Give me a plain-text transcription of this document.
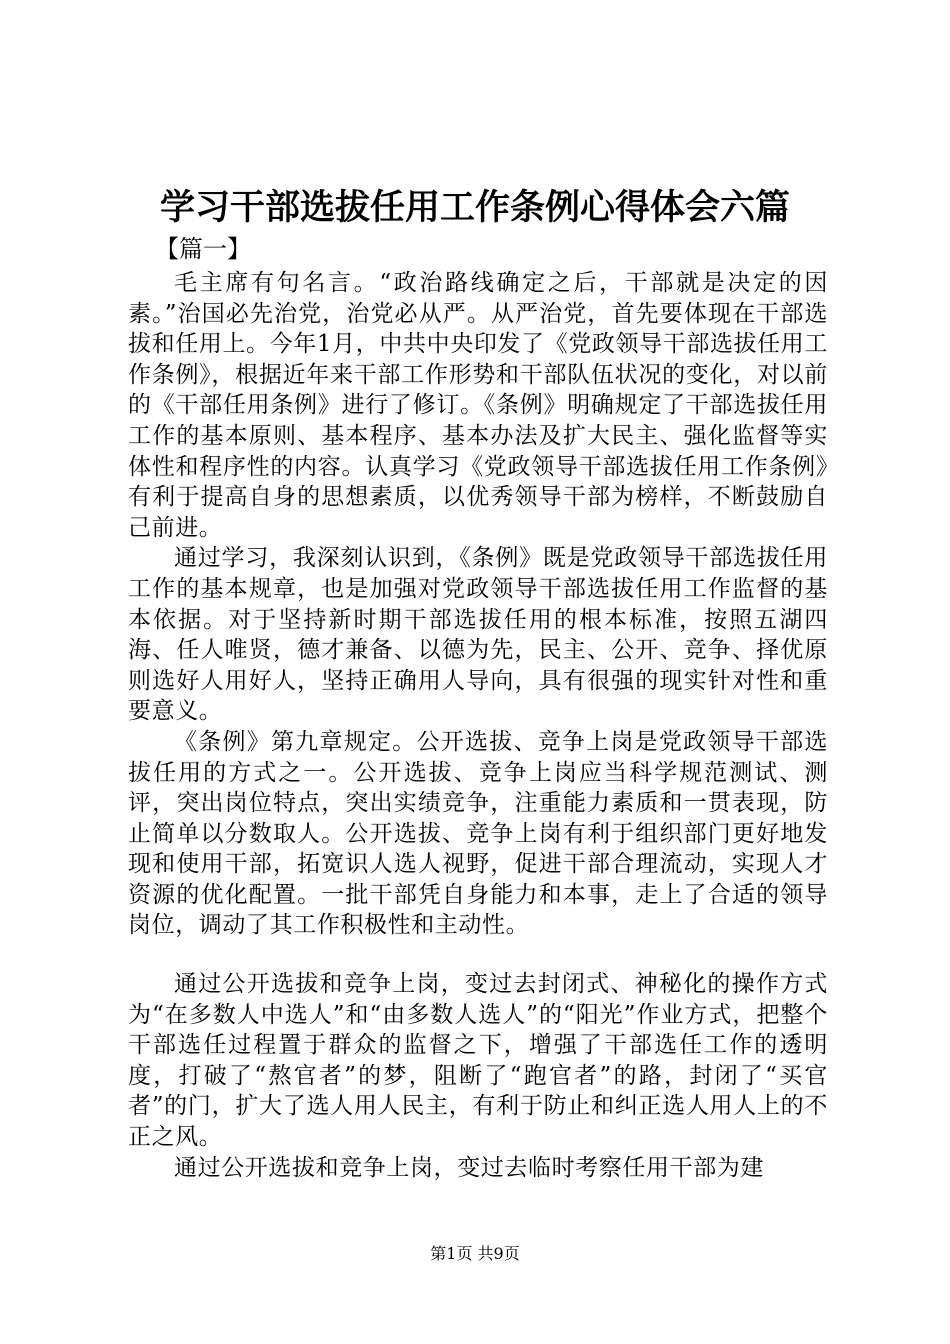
学习干部选拔任用工作条例心得体会六篇
【篇一】

毛主席有句名言。“政治路线确定之后，干部就是决定的因素。”治国必先治党，治党必从严。从严治党，首先要体现在干部选拔和任用上。今年1月，中共中央印发了《党政领导干部选拔任用工作条例》，根据近年来干部工作形势和干部队伍状况的变化，对以前的《干部任用条例》进行了修订。《条例》明确规定了干部选拔任用工作的基本原则、基本程序、基本办法及扩大民主、强化监督等实体性和程序性的内容。认真学习《党政领导干部选拔任用工作条例》有利于提高自身的思想素质，以优秀领导干部为榜样，不断鼓励自己前进。

通过学习，我深刻认识到，《条例》既是党政领导干部选拔任用工作的基本规章，也是加强对党政领导干部选拔任用工作监督的基本依据。对于坚持新时期干部选拔任用的根本标准，按照五湖四海、任人唯贤，德才兼备、以德为先，民主、公开、竞争、择优原则选好人用好人，坚持正确用人导向，具有很强的现实针对性和重要意义。

《条例》第九章规定。公开选拔、竞争上岗是党政领导干部选拔任用的方式之一。公开选拔、竞争上岗应当科学规范测试、测评，突出岗位特点，突出实绩竞争，注重能力素质和一贯表现，防止简单以分数取人。公开选拔、竞争上岗有利于组织部门更好地发现和使用干部，拓宽识人选人视野，促进干部合理流动，实现人才资源的优化配置。一批干部凭自身能力和本事，走上了合适的领导岗位，调动了其工作积极性和主动性。

通过公开选拔和竞争上岗，变过去封闭式、神秘化的操作方式为“在多数人中选人”和“由多数人选人”的“阳光”作业方式，把整个干部选任过程置于群众的监督之下，增强了干部选任工作的透明度，打破了“熬官者”的梦，阻断了“跑官者”的路，封闭了“买官者”的门，扩大了选人用人民主，有利于防止和纠正选人用人上的不正之风。

通过公开选拔和竞争上岗，变过去临时考察任用干部为建

第1页 共9页
